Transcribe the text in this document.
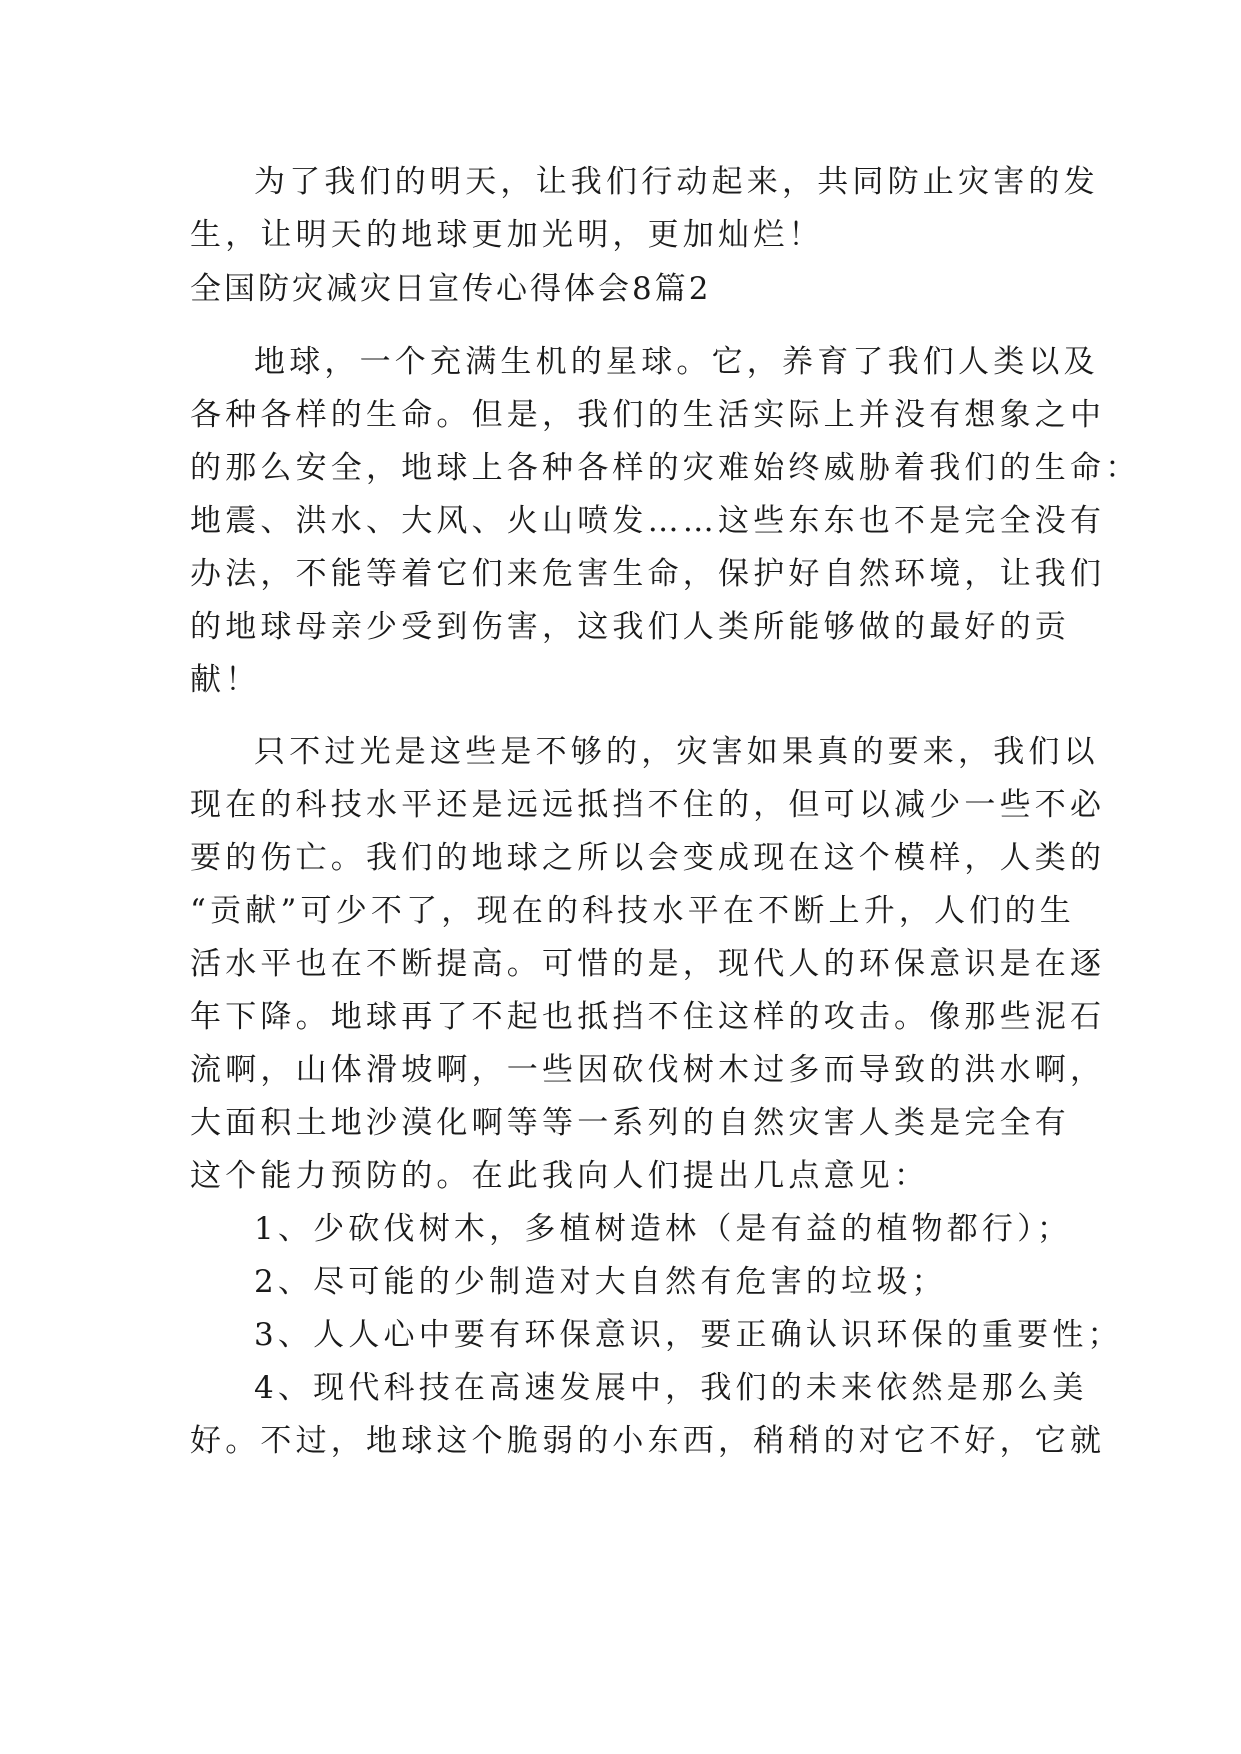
为了我们的明天，让我们行动起来，共同防止灾害的发
生，让明天的地球更加光明，更加灿烂！
全国防灾减灾日宣传心得体会8篇2
地球，一个充满生机的星球。它，养育了我们人类以及
各种各样的生命。但是，我们的生活实际上并没有想象之中
的那么安全，地球上各种各样的灾难始终威胁着我们的生命：
地震、洪水、大风、火山喷发……这些东东也不是完全没有
办法，不能等着它们来危害生命，保护好自然环境，让我们
的地球母亲少受到伤害，这我们人类所能够做的最好的贡
献！
只不过光是这些是不够的，灾害如果真的要来，我们以
现在的科技水平还是远远抵挡不住的，但可以减少一些不必
要的伤亡。我们的地球之所以会变成现在这个模样，人类的
“贡献”可少不了，现在的科技水平在不断上升，人们的生
活水平也在不断提高。可惜的是，现代人的环保意识是在逐
年下降。地球再了不起也抵挡不住这样的攻击。像那些泥石
流啊，山体滑坡啊，一些因砍伐树木过多而导致的洪水啊，
大面积土地沙漠化啊等等一系列的自然灾害人类是完全有
这个能力预防的。在此我向人们提出几点意见：
1、少砍伐树木，多植树造林（是有益的植物都行）；
2、尽可能的少制造对大自然有危害的垃圾；
3、人人心中要有环保意识，要正确认识环保的重要性；
4、现代科技在高速发展中，我们的未来依然是那么美
好。不过，地球这个脆弱的小东西，稍稍的对它不好，它就
